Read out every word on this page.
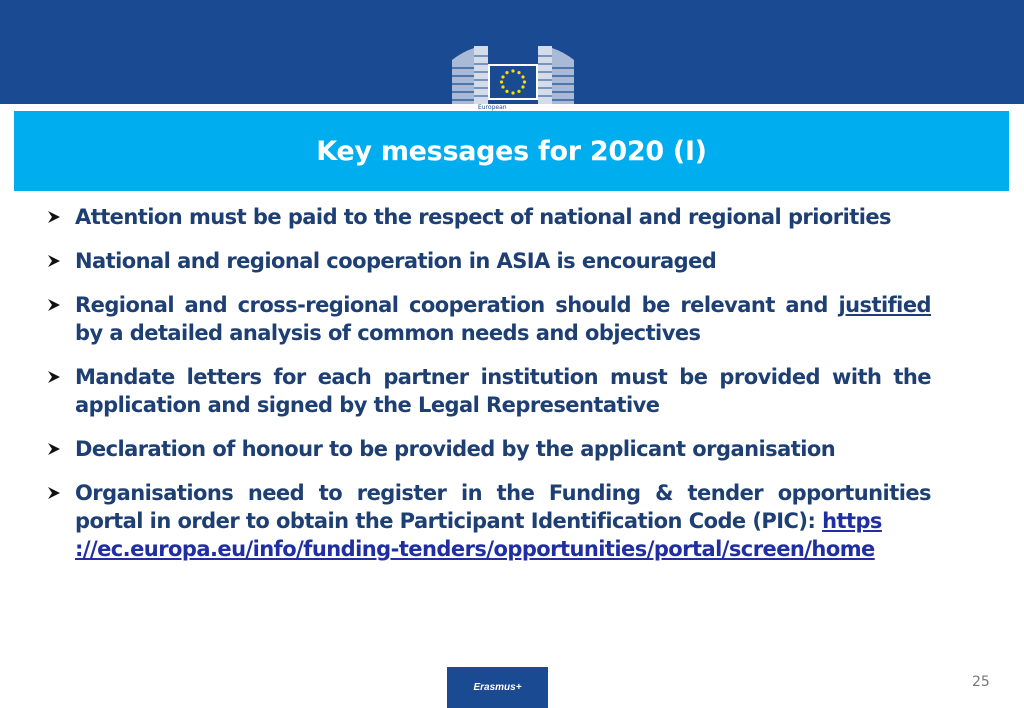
European
Key messages for 2020 (I)
Attention must be paid to the respect of national and regional priorities
National and regional cooperation in ASIA is encouraged
Regional and cross-regional cooperation should be relevant and justified by a detailed analysis of common needs and objectives
Mandate letters for each partner institution must be provided with the application and signed by the Legal Representative
Declaration of honour to be provided by the applicant organisation
Organisations need to register in the Funding & tender opportunities portal in order to obtain the Participant Identification Code (PIC): https
://ec.europa.eu/info/funding-tenders/opportunities/portal/screen/home
Erasmus+	25
